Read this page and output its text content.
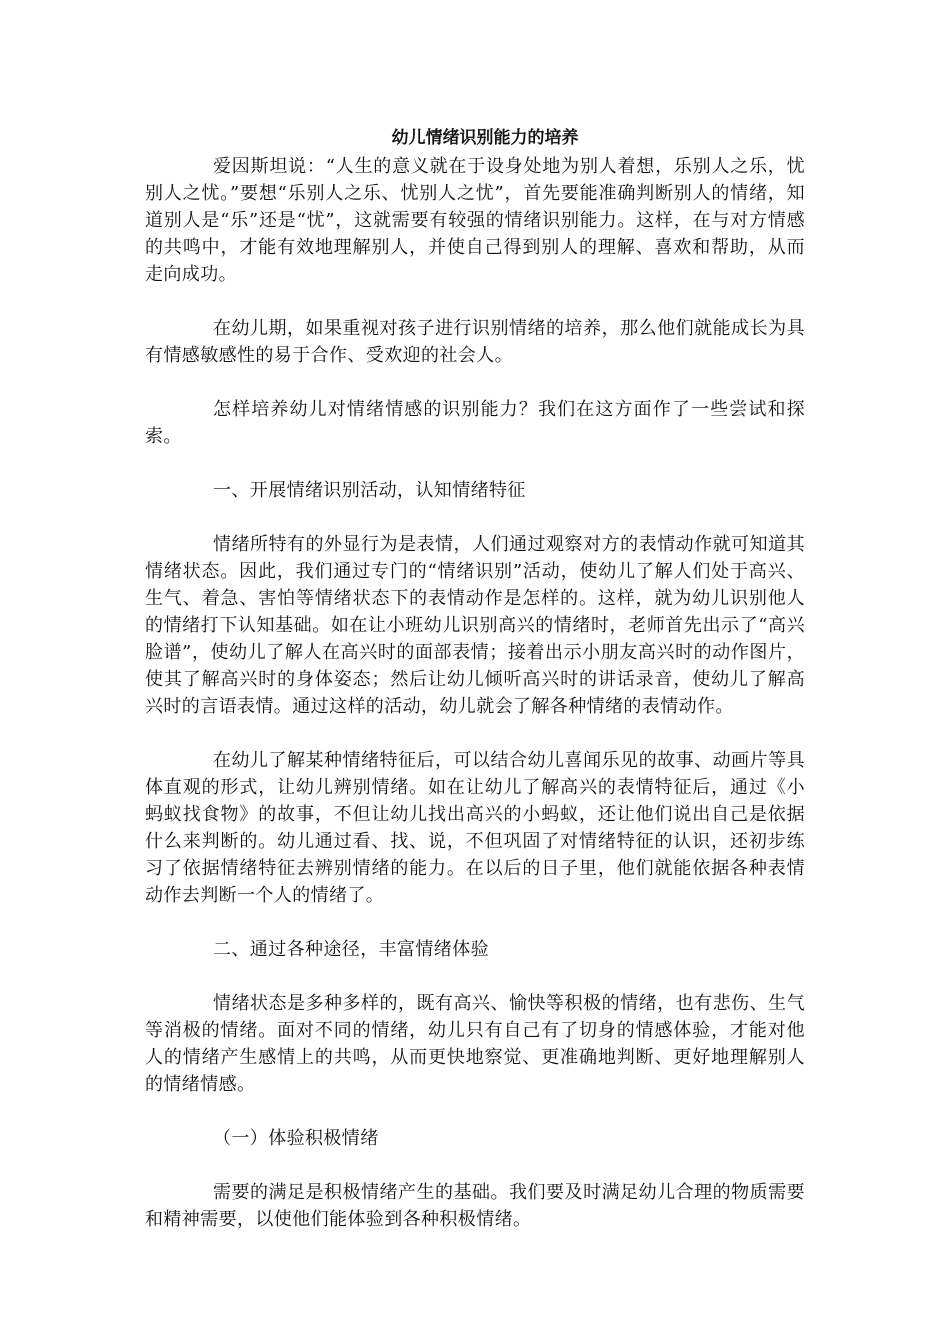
幼儿情绪识别能力的培养

爱因斯坦说：“人生的意义就在于设身处地为别人着想，乐别人之乐，忧别人之忧。”要想“乐别人之乐、忧别人之忧”，首先要能准确判断别人的情绪，知道别人是“乐”还是“忧”，这就需要有较强的情绪识别能力。这样，在与对方情感的共鸣中，才能有效地理解别人，并使自己得到别人的理解、喜欢和帮助，从而走向成功。

在幼儿期，如果重视对孩子进行识别情绪的培养，那么他们就能成长为具有情感敏感性的易于合作、受欢迎的社会人。

怎样培养幼儿对情绪情感的识别能力？我们在这方面作了一些尝试和探索。

一、开展情绪识别活动，认知情绪特征

情绪所特有的外显行为是表情，人们通过观察对方的表情动作就可知道其情绪状态。因此，我们通过专门的“情绪识别”活动，使幼儿了解人们处于高兴、生气、着急、害怕等情绪状态下的表情动作是怎样的。这样，就为幼儿识别他人的情绪打下认知基础。如在让小班幼儿识别高兴的情绪时，老师首先出示了“高兴脸谱”，使幼儿了解人在高兴时的面部表情；接着出示小朋友高兴时的动作图片，使其了解高兴时的身体姿态；然后让幼儿倾听高兴时的讲话录音，使幼儿了解高兴时的言语表情。通过这样的活动，幼儿就会了解各种情绪的表情动作。

在幼儿了解某种情绪特征后，可以结合幼儿喜闻乐见的故事、动画片等具体直观的形式，让幼儿辨别情绪。如在让幼儿了解高兴的表情特征后，通过《小蚂蚁找食物》的故事，不但让幼儿找出高兴的小蚂蚁，还让他们说出自己是依据什么来判断的。幼儿通过看、找、说，不但巩固了对情绪特征的认识，还初步练习了依据情绪特征去辨别情绪的能力。在以后的日子里，他们就能依据各种表情动作去判断一个人的情绪了。

二、通过各种途径，丰富情绪体验

情绪状态是多种多样的，既有高兴、愉快等积极的情绪，也有悲伤、生气等消极的情绪。面对不同的情绪，幼儿只有自己有了切身的情感体验，才能对他人的情绪产生感情上的共鸣，从而更快地察觉、更准确地判断、更好地理解别人的情绪情感。

（一）体验积极情绪

需要的满足是积极情绪产生的基础。我们要及时满足幼儿合理的物质需要和精神需要，以使他们能体验到各种积极情绪。
